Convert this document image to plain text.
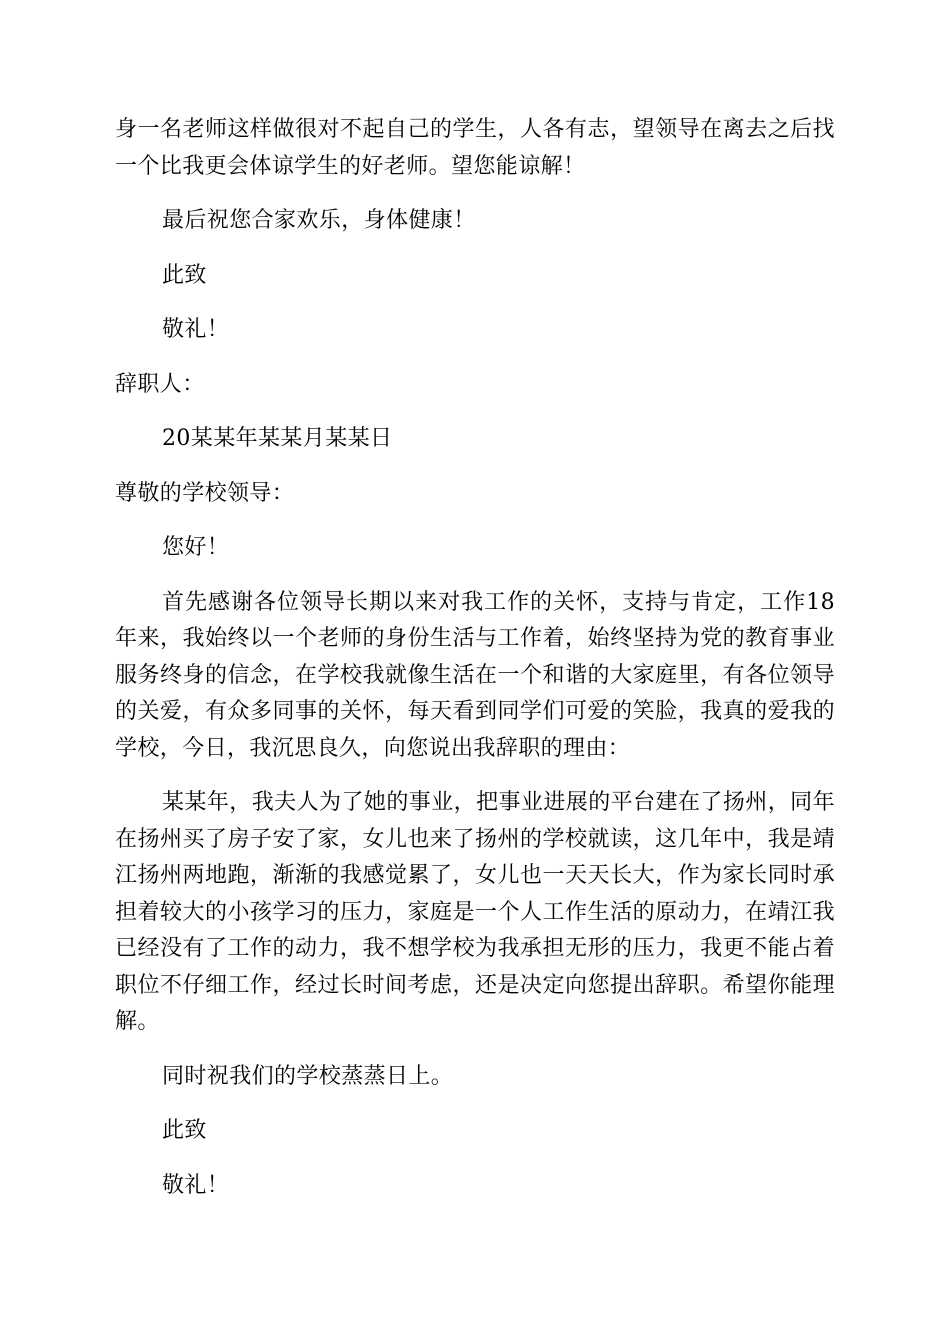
身一名老师这样做很对不起自己的学生，人各有志，望领导在离去之后找一个比我更会体谅学生的好老师。望您能谅解！

最后祝您合家欢乐，身体健康！

此致

敬礼！

辞职人：

20某某年某某月某某日

尊敬的学校领导：

您好！

首先感谢各位领导长期以来对我工作的关怀，支持与肯定，工作18年来，我始终以一个老师的身份生活与工作着，始终坚持为党的教育事业服务终身的信念，在学校我就像生活在一个和谐的大家庭里，有各位领导的关爱，有众多同事的关怀，每天看到同学们可爱的笑脸，我真的爱我的学校，今日，我沉思良久，向您说出我辞职的理由：

某某年，我夫人为了她的事业，把事业进展的平台建在了扬州，同年在扬州买了房子安了家，女儿也来了扬州的学校就读，这几年中，我是靖江扬州两地跑，渐渐的我感觉累了，女儿也一天天长大，作为家长同时承担着较大的小孩学习的压力，家庭是一个人工作生活的原动力，在靖江我已经没有了工作的动力，我不想学校为我承担无形的压力，我更不能占着职位不仔细工作，经过长时间考虑，还是决定向您提出辞职。希望你能理解。

同时祝我们的学校蒸蒸日上。

此致

敬礼！
